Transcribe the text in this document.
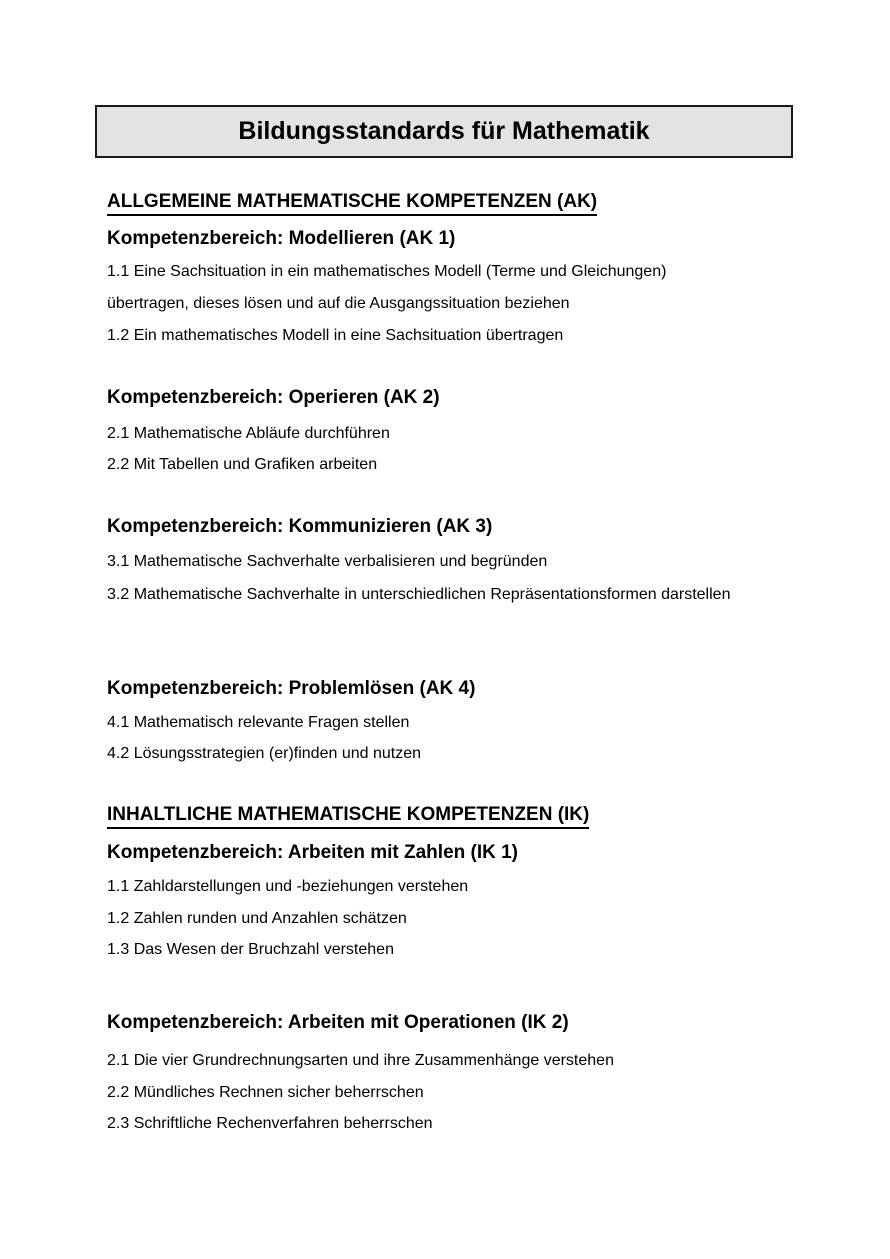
Bildungsstandards für Mathematik
ALLGEMEINE MATHEMATISCHE KOMPETENZEN (AK)
Kompetenzbereich: Modellieren (AK 1)
1.1 Eine Sachsituation in ein mathematisches Modell (Terme und Gleichungen)
übertragen, dieses lösen und auf die Ausgangssituation beziehen
1.2 Ein mathematisches Modell in eine Sachsituation übertragen
Kompetenzbereich: Operieren (AK 2)
2.1 Mathematische Abläufe durchführen
2.2 Mit Tabellen und Grafiken arbeiten
Kompetenzbereich: Kommunizieren (AK 3)
3.1 Mathematische Sachverhalte verbalisieren und begründen
3.2 Mathematische Sachverhalte in unterschiedlichen Repräsentationsformen darstellen
Kompetenzbereich: Problemlösen (AK 4)
4.1 Mathematisch relevante Fragen stellen
4.2 Lösungsstrategien (er)finden und nutzen
INHALTLICHE MATHEMATISCHE KOMPETENZEN (IK)
Kompetenzbereich: Arbeiten mit Zahlen (IK 1)
1.1 Zahldarstellungen und -beziehungen verstehen
1.2 Zahlen runden und Anzahlen schätzen
1.3 Das Wesen der Bruchzahl verstehen
Kompetenzbereich: Arbeiten mit Operationen (IK 2)
2.1 Die vier Grundrechnungsarten und ihre Zusammenhänge verstehen
2.2 Mündliches Rechnen sicher beherrschen
2.3 Schriftliche Rechenverfahren beherrschen
